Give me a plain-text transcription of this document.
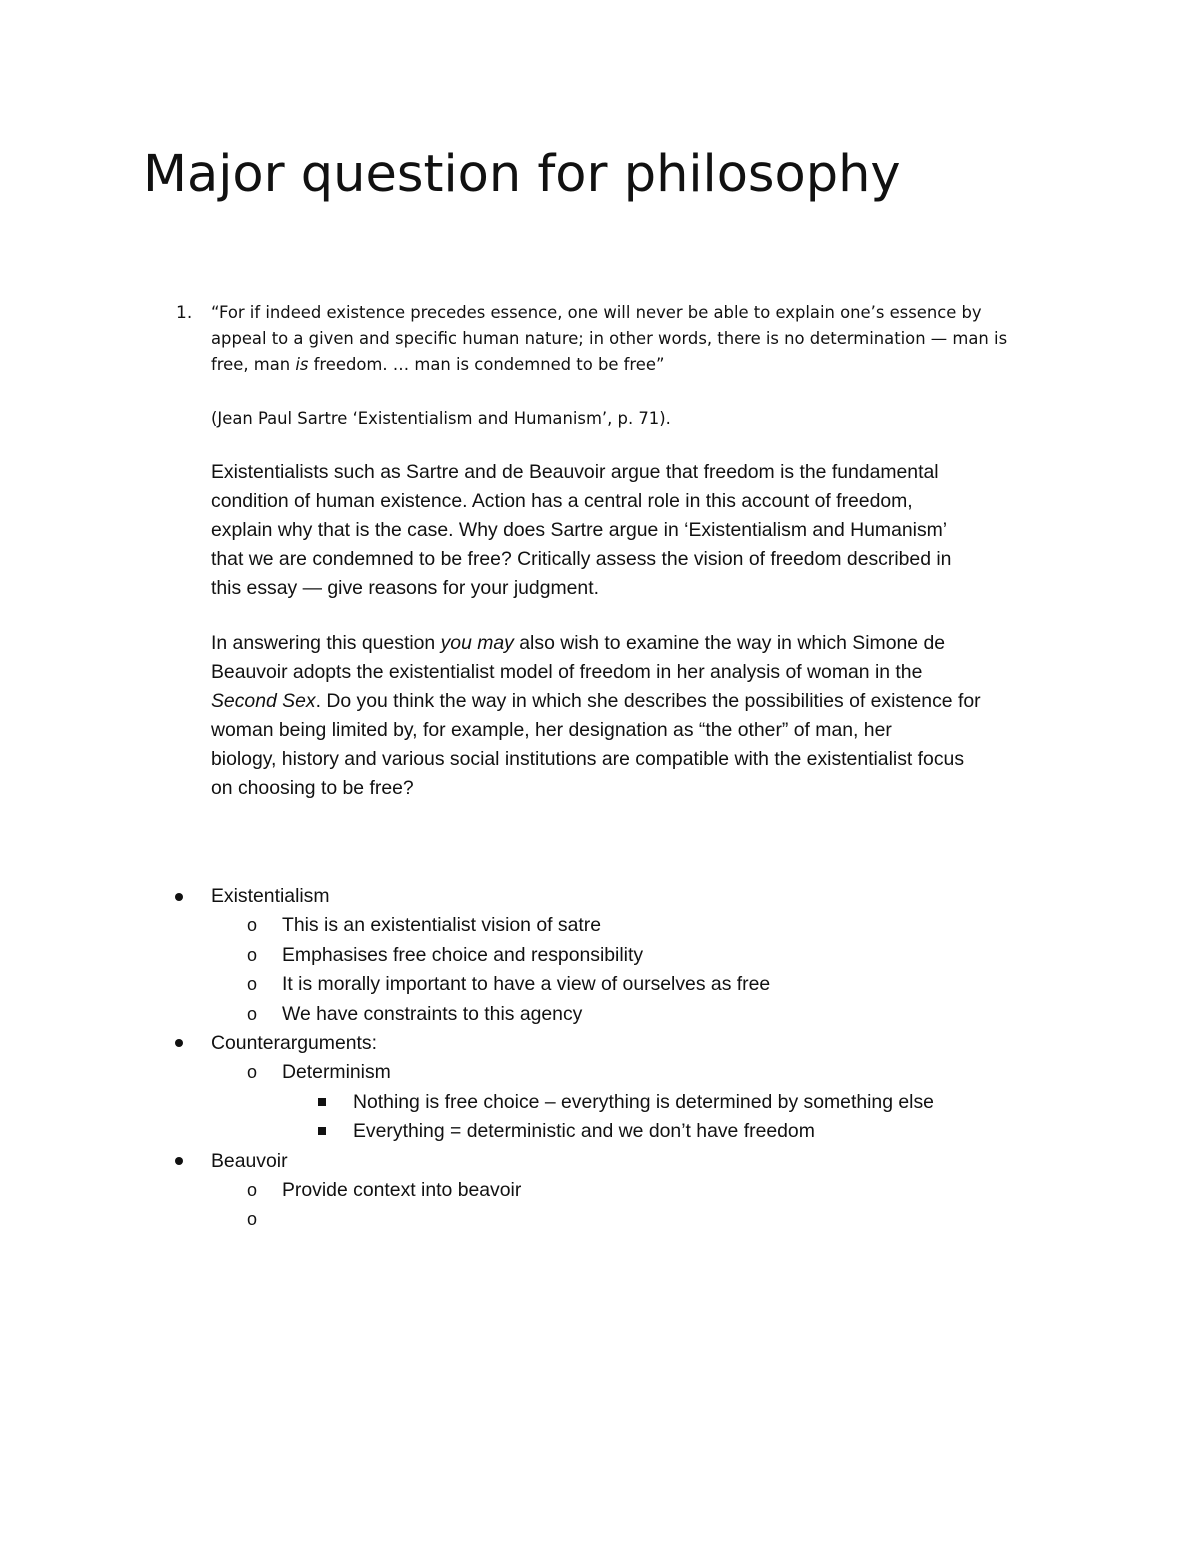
Major question for philosophy
1. “For if indeed existence precedes essence, one will never be able to explain one’s essence by
appeal to a given and specific human nature; in other words, there is no determination — man is
free, man is freedom. … man is condemned to be free”
(Jean Paul Sartre ‘Existentialism and Humanism’, p. 71).
Existentialists such as Sartre and de Beauvoir argue that freedom is the fundamental
condition of human existence. Action has a central role in this account of freedom,
explain why that is the case. Why does Sartre argue in ‘Existentialism and Humanism’
that we are condemned to be free? Critically assess the vision of freedom described in
this essay — give reasons for your judgment.
In answering this question you may also wish to examine the way in which Simone de
Beauvoir adopts the existentialist model of freedom in her analysis of woman in the
Second Sex. Do you think the way in which she describes the possibilities of existence for
woman being limited by, for example, her designation as “the other” of man, her
biology, history and various social institutions are compatible with the existentialist focus
on choosing to be free?
Existentialism
o This is an existentialist vision of satre
o Emphasises free choice and responsibility
o It is morally important to have a view of ourselves as free
o We have constraints to this agency
Counterarguments:
o Determinism
Nothing is free choice – everything is determined by something else
Everything = deterministic and we don’t have freedom
Beauvoir
o Provide context into beavoir
o
